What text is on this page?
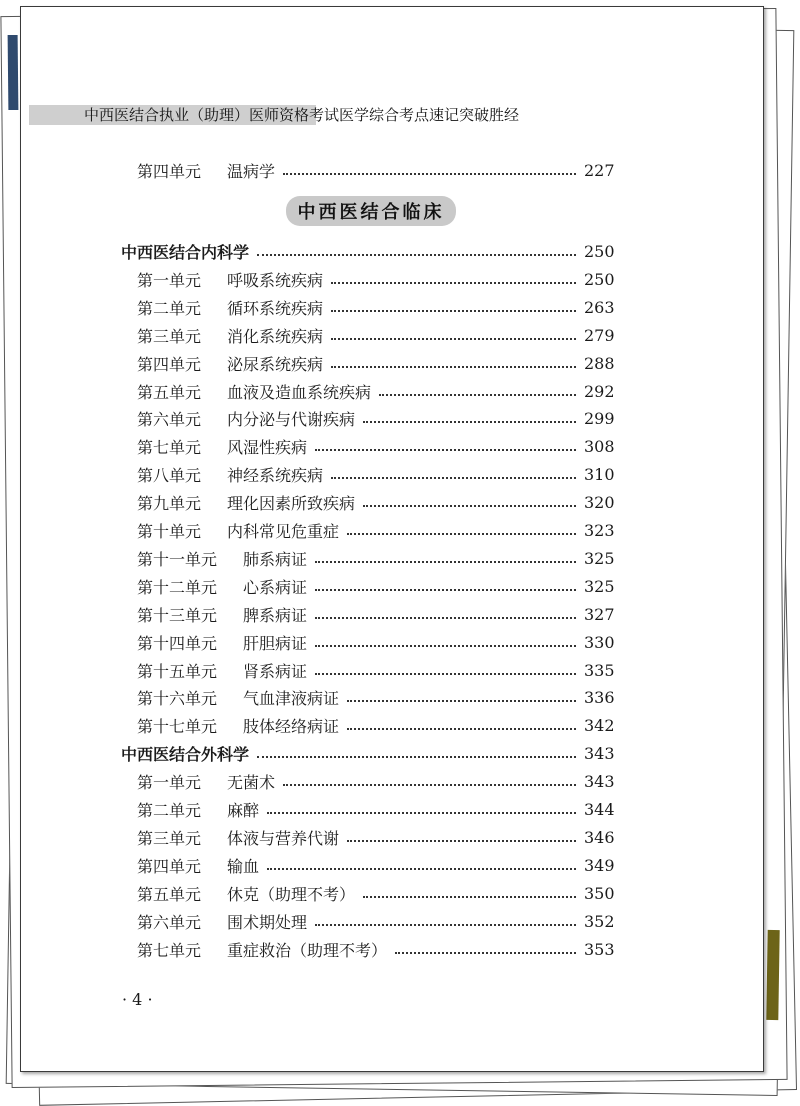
中西医结合执业（助理）医师资格考试医学综合考点速记突破胜经
第四单元	温病学	227
中西医结合临床
中西医结合内科学	250
第一单元	呼吸系统疾病	250
第二单元	循环系统疾病	263
第三单元	消化系统疾病	279
第四单元	泌尿系统疾病	288
第五单元	血液及造血系统疾病	292
第六单元	内分泌与代谢疾病	299
第七单元	风湿性疾病	308
第八单元	神经系统疾病	310
第九单元	理化因素所致疾病	320
第十单元	内科常见危重症	323
第十一单元	肺系病证	325
第十二单元	心系病证	325
第十三单元	脾系病证	327
第十四单元	肝胆病证	330
第十五单元	肾系病证	335
第十六单元	气血津液病证	336
第十七单元	肢体经络病证	342
中西医结合外科学	343
第一单元	无菌术	343
第二单元	麻醉	344
第三单元	体液与营养代谢	346
第四单元	输血	349
第五单元	休克（助理不考）	350
第六单元	围术期处理	352
第七单元	重症救治（助理不考）	353
· 4 ·
